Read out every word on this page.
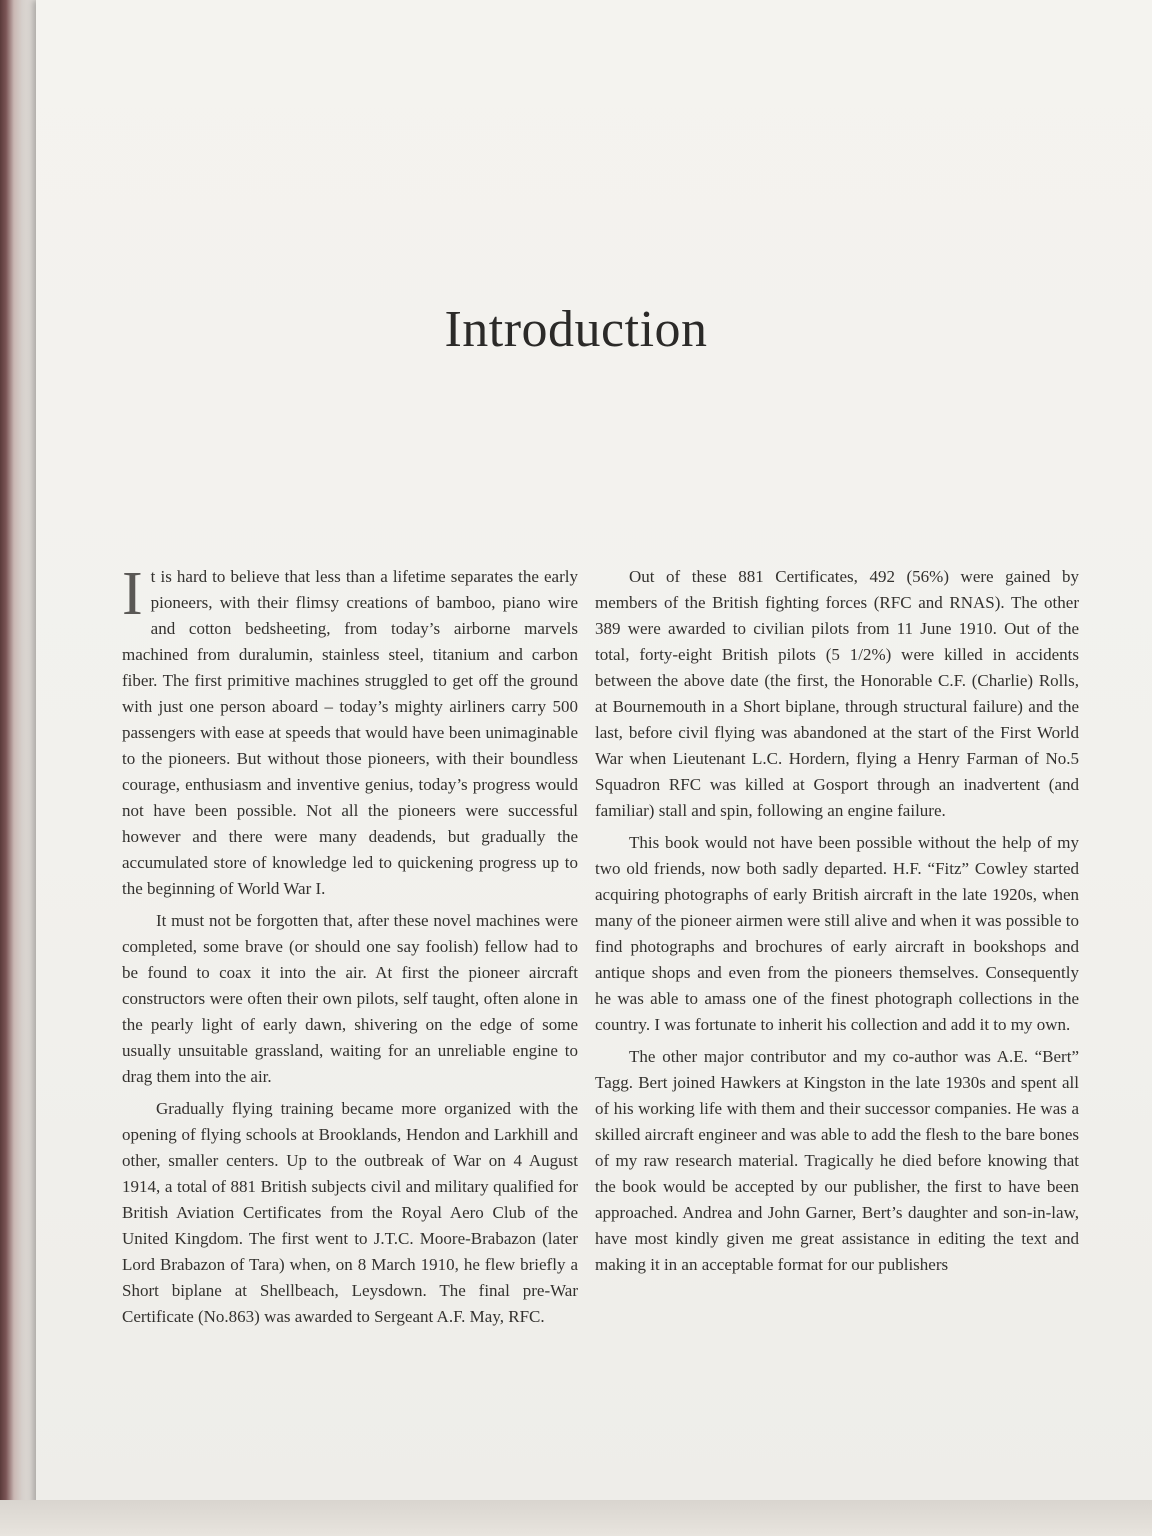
Introduction

It is hard to believe that less than a lifetime separates the early pioneers, with their flimsy creations of bamboo, piano wire and cotton bedsheeting, from today’s airborne marvels machined from duralumin, stainless steel, titanium and carbon fiber. The first primitive machines struggled to get off the ground with just one person aboard – today’s mighty airliners carry 500 passengers with ease at speeds that would have been unimaginable to the pioneers. But without those pioneers, with their boundless courage, enthusiasm and inventive genius, today’s progress would not have been possible. Not all the pioneers were successful however and there were many deadends, but gradually the accumulated store of knowledge led to quickening progress up to the beginning of World War I.

It must not be forgotten that, after these novel machines were completed, some brave (or should one say foolish) fellow had to be found to coax it into the air. At first the pioneer aircraft constructors were often their own pilots, self taught, often alone in the pearly light of early dawn, shivering on the edge of some usually unsuitable grassland, waiting for an unreliable engine to drag them into the air.

Gradually flying training became more organized with the opening of flying schools at Brooklands, Hendon and Larkhill and other, smaller centers. Up to the outbreak of War on 4 August 1914, a total of 881 British subjects civil and military qualified for British Aviation Certificates from the Royal Aero Club of the United Kingdom. The first went to J.T.C. Moore-Brabazon (later Lord Brabazon of Tara) when, on 8 March 1910, he flew briefly a Short biplane at Shellbeach, Leysdown. The final pre-War Certificate (No.863) was awarded to Sergeant A.F. May, RFC.

Out of these 881 Certificates, 492 (56%) were gained by members of the British fighting forces (RFC and RNAS). The other 389 were awarded to civilian pilots from 11 June 1910. Out of the total, forty-eight British pilots (5 1/2%) were killed in accidents between the above date (the first, the Honorable C.F. (Charlie) Rolls, at Bournemouth in a Short biplane, through structural failure) and the last, before civil flying was abandoned at the start of the First World War when Lieutenant L.C. Hordern, flying a Henry Farman of No.5 Squadron RFC was killed at Gosport through an inadvertent (and familiar) stall and spin, following an engine failure.

This book would not have been possible without the help of my two old friends, now both sadly departed. H.F. “Fitz” Cowley started acquiring photographs of early British aircraft in the late 1920s, when many of the pioneer airmen were still alive and when it was possible to find photographs and brochures of early aircraft in bookshops and antique shops and even from the pioneers themselves. Consequently he was able to amass one of the finest photograph collections in the country. I was fortunate to inherit his collection and add it to my own.

The other major contributor and my co-author was A.E. “Bert” Tagg. Bert joined Hawkers at Kingston in the late 1930s and spent all of his working life with them and their successor companies. He was a skilled aircraft engineer and was able to add the flesh to the bare bones of my raw research material. Tragically he died before knowing that the book would be accepted by our publisher, the first to have been approached. Andrea and John Garner, Bert’s daughter and son-in-law, have most kindly given me great assistance in editing the text and making it in an acceptable format for our publishers
